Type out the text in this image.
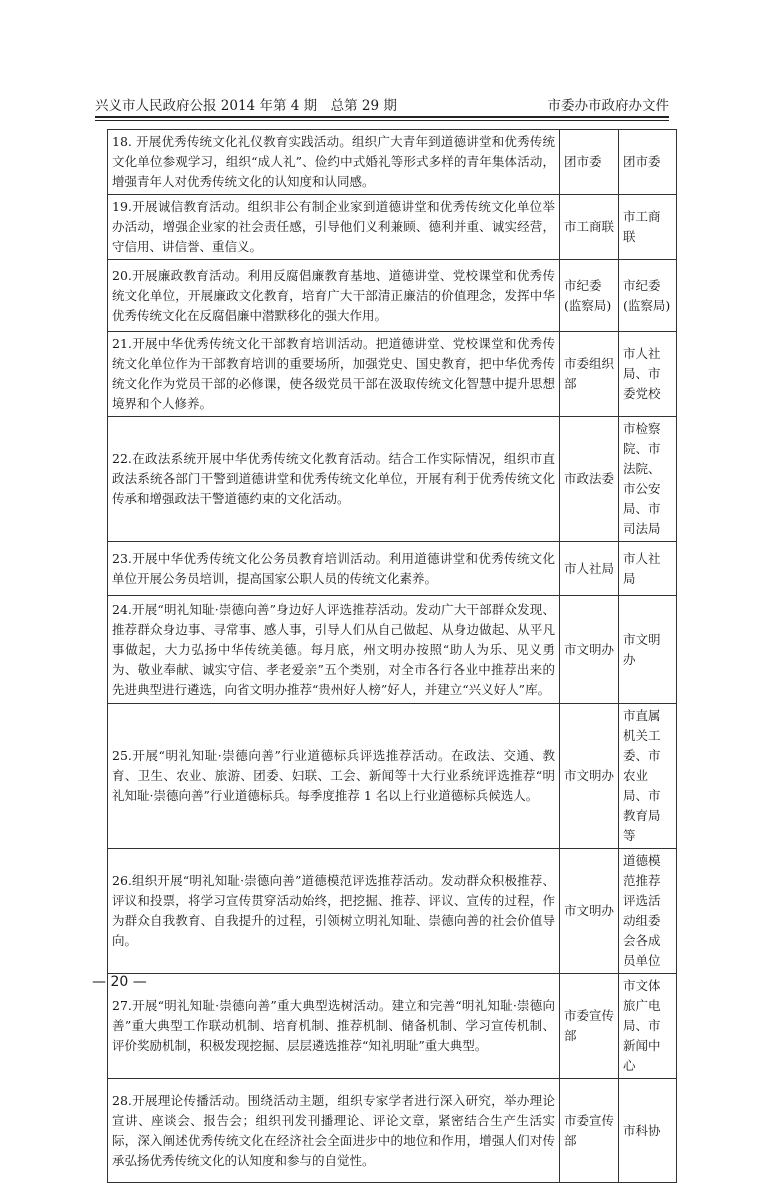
兴义市人民政府公报 2014 年第 4 期　总第 29 期	市委办市政府办文件
18. 开展优秀传统文化礼仪教育实践活动。组织广大青年到道德讲堂和优秀传统文化单位参观学习，组织“成人礼”、俭约中式婚礼等形式多样的青年集体活动，增强青年人对优秀传统文化的认知度和认同感。	团市委	团市委
19.开展诚信教育活动。组织非公有制企业家到道德讲堂和优秀传统文化单位举办活动，增强企业家的社会责任感，引导他们义利兼顾、德利并重、诚实经营，守信用、讲信誉、重信义。	市工商联	市工商联
20.开展廉政教育活动。利用反腐倡廉教育基地、道德讲堂、党校课堂和优秀传统文化单位，开展廉政文化教育，培育广大干部清正廉洁的价值理念，发挥中华优秀传统文化在反腐倡廉中潜默移化的强大作用。	市纪委(监察局)	市纪委(监察局)
21.开展中华优秀传统文化干部教育培训活动。把道德讲堂、党校课堂和优秀传统文化单位作为干部教育培训的重要场所，加强党史、国史教育，把中华优秀传统文化作为党员干部的必修课，使各级党员干部在汲取传统文化智慧中提升思想境界和个人修养。	市委组织部	市人社局、市委党校
22.在政法系统开展中华优秀传统文化教育活动。结合工作实际情况，组织市直政法系统各部门干警到道德讲堂和优秀传统文化单位，开展有利于优秀传统文化传承和增强政法干警道德约束的文化活动。	市政法委	市检察院、市法院、市公安局、市司法局
23.开展中华优秀传统文化公务员教育培训活动。利用道德讲堂和优秀传统文化单位开展公务员培训，提高国家公职人员的传统文化素养。	市人社局	市人社局
24.开展“明礼知耻·崇德向善”身边好人评选推荐活动。发动广大干部群众发现、推荐群众身边事、寻常事、感人事，引导人们从自己做起、从身边做起、从平凡事做起，大力弘扬中华传统美德。每月底，州文明办按照“助人为乐、见义勇为、敬业奉献、诚实守信、孝老爱亲”五个类别，对全市各行各业中推荐出来的先进典型进行遴选，向省文明办推荐“贵州好人榜”好人，并建立“兴义好人”库。	市文明办	市文明办
25.开展“明礼知耻·崇德向善”行业道德标兵评选推荐活动。在政法、交通、教育、卫生、农业、旅游、团委、妇联、工会、新闻等十大行业系统评选推荐“明礼知耻·崇德向善”行业道德标兵。每季度推荐 1 名以上行业道德标兵候选人。	市文明办	市直属机关工委、市农业局、市教育局等
26.组织开展“明礼知耻·崇德向善”道德模范评选推荐活动。发动群众积极推荐、评议和投票，将学习宣传贯穿活动始终，把挖掘、推荐、评议、宣传的过程，作为群众自我教育、自我提升的过程，引领树立明礼知耻、崇德向善的社会价值导向。	市文明办	道德模范推荐评选活动组委会各成员单位
27.开展“明礼知耻·崇德向善”重大典型选树活动。建立和完善“明礼知耻·崇德向善”重大典型工作联动机制、培育机制、推荐机制、储备机制、学习宣传机制、评价奖励机制，积极发现挖掘、层层遴选推荐“知礼明耻”重大典型。	市委宣传部	市文体旅广电局、市新闻中心
28.开展理论传播活动。围绕活动主题，组织专家学者进行深入研究，举办理论宣讲、座谈会、报告会；组织刊发刊播理论、评论文章，紧密结合生产生活实际，深入阐述优秀传统文化在经济社会全面进步中的地位和作用，增强人们对传承弘扬优秀传统文化的认知度和参与的自觉性。	市委宣传部	市科协
— 20 —
